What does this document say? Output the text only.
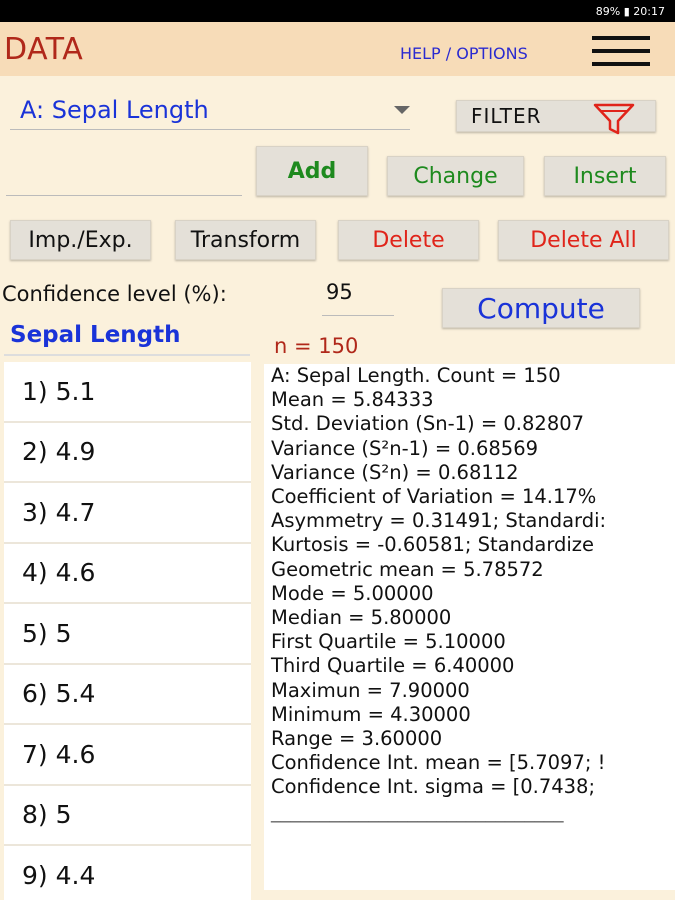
89% ▮ 20:17
DATA	HELP / OPTIONS
A: Sepal Length	FILTER
Add	Change	Insert
Imp./Exp.	Transform	Delete	Delete All
Confidence level (%):	95	Compute
Sepal Length	n = 150
1) 5.1
2) 4.9
3) 4.7
4) 4.6
5) 5
6) 5.4
7) 4.6
8) 5
9) 4.4
A: Sepal Length. Count = 150
Mean = 5.84333
Std. Deviation (Sn-1) = 0.82807
Variance (S²n-1) = 0.68569
Variance (S²n) = 0.68112
Coefficient of Variation = 14.17%
Asymmetry = 0.31491; Standardi:
Kurtosis = -0.60581; Standardize
Geometric mean = 5.78572
Mode = 5.00000
Median = 5.80000
First Quartile = 5.10000
Third Quartile = 6.40000
Maximun = 7.90000
Minimum = 4.30000
Range = 3.60000
Confidence Int. mean = [5.7097; !
Confidence Int. sigma = [0.7438;
______________________________
